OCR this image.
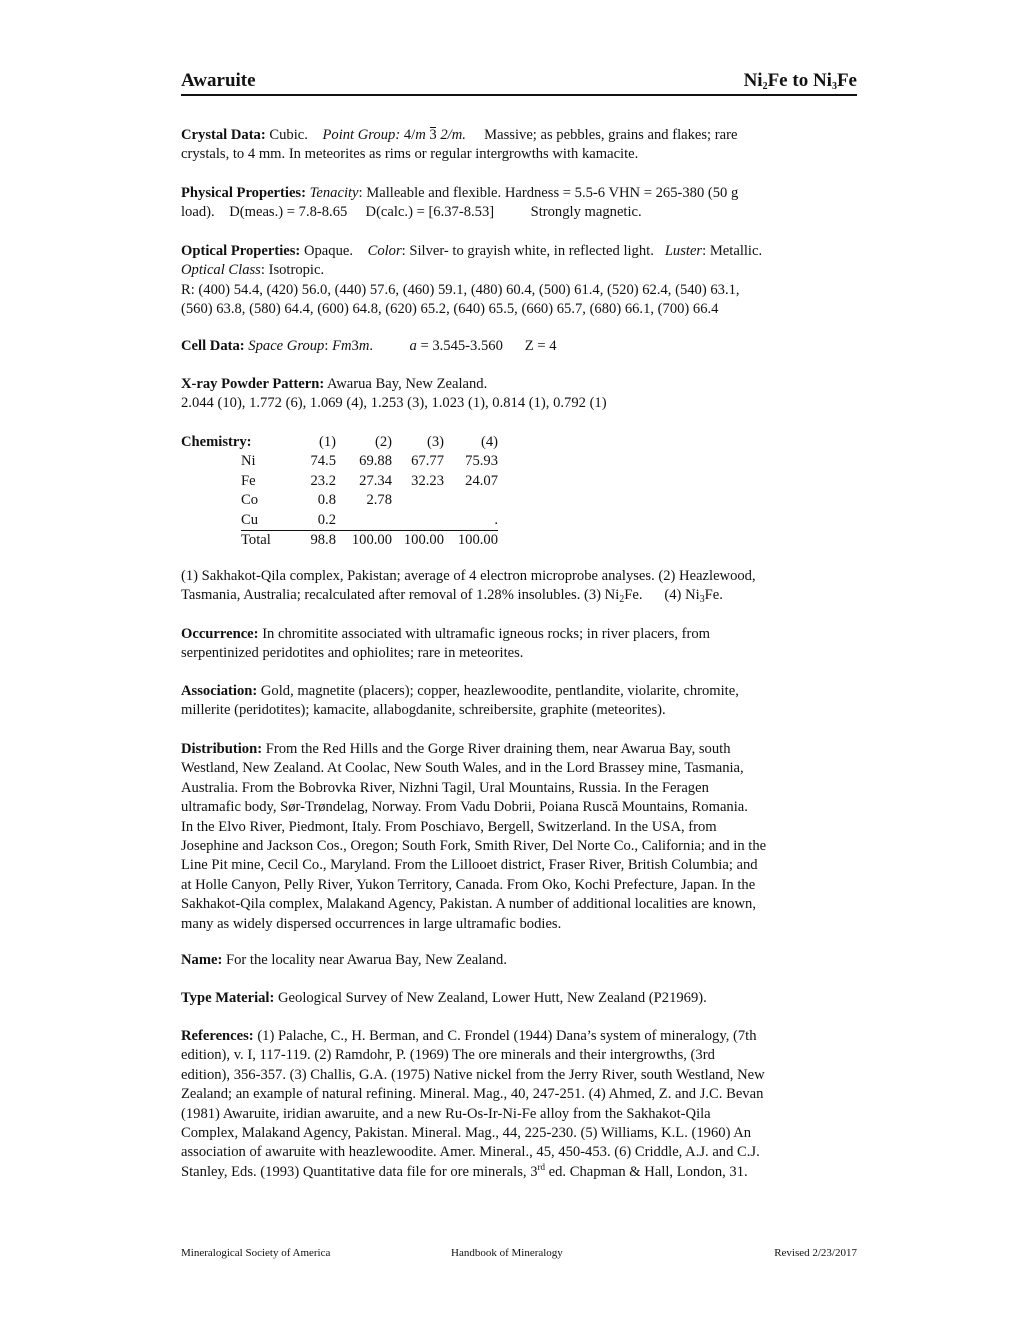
Awaruite	$Ni_2Fe$ to $Ni_3Fe$

Crystal Data: Cubic. Point Group: 4/m 3 2/m. Massive; as pebbles, grains and flakes; rare

crystals, to 4 mm. In meteorites as rims or regular intergrowths with kamacite.

Physical Properties: Tenacity: Malleable and flexible. Hardness = 5.5-6 VHN = 265-380 (50 g

load).    D(meas.) = 7.8-8.65     D(calc.) = [6.37-8.53]          Strongly magnetic.

Optical Properties: Opaque. Color: Silver- to grayish white, in reflected light. Luster: Metallic.

Optical Class: Isotropic.

R: (400) 54.4, (420) 56.0, (440) 57.6, (460) 59.1, (480) 60.4, (500) 61.4, (520) 62.4, (540) 63.1,

(560) 63.8, (580) 64.4, (600) 64.8, (620) 65.2, (640) 65.5, (660) 65.7, (680) 66.1, (700) 66.4

Cell Data: Space Group: Fm3m. a = 3.545-3.560 Z = 4

X-ray Powder Pattern: Awarua Bay, New Zealand.

2.044 (10), 1.772 (6), 1.069 (4), 1.253 (3), 1.023 (1), 0.814 (1), 0.792 (1)

Chemistry:		(1)	(2)	(3)	(4)
	Ni	74.5	69.88	67.77	75.93
	Fe	23.2	27.34	32.23	24.07
	Co	0.8	2.78		
	Cu	0.2			.
	Total	98.8	100.00	100.00	100.00

(1) Sakhakot-Qila complex, Pakistan; average of 4 electron microprobe analyses. (2) Heazlewood,

Tasmania, Australia; recalculated after removal of 1.28% insolubles. (3) $Ni_2Fe$.      (4) $Ni_3Fe$.

Occurrence: In chromitite associated with ultramafic igneous rocks; in river placers, from

serpentinized peridotites and ophiolites; rare in meteorites.

Association: Gold, magnetite (placers); copper, heazlewoodite, pentlandite, violarite, chromite,

millerite (peridotites); kamacite, allabogdanite, schreibersite, graphite (meteorites).

Distribution: From the Red Hills and the Gorge River draining them, near Awarua Bay, south

Westland, New Zealand. At Coolac, New South Wales, and in the Lord Brassey mine, Tasmania,

Australia. From the Bobrovka River, Nizhni Tagil, Ural Mountains, Russia. In the Feragen

ultramafic body, Sør-Trøndelag, Norway. From Vadu Dobrii, Poiana Ruscă Mountains, Romania.

In the Elvo River, Piedmont, Italy. From Poschiavo, Bergell, Switzerland. In the USA, from

Josephine and Jackson Cos., Oregon; South Fork, Smith River, Del Norte Co., California; and in the

Line Pit mine, Cecil Co., Maryland. From the Lillooet district, Fraser River, British Columbia; and

at Holle Canyon, Pelly River, Yukon Territory, Canada. From Oko, Kochi Prefecture, Japan. In the

Sakhakot-Qila complex, Malakand Agency, Pakistan. A number of additional localities are known,

many as widely dispersed occurrences in large ultramafic bodies.

Name: For the locality near Awarua Bay, New Zealand.

Type Material: Geological Survey of New Zealand, Lower Hutt, New Zealand (P21969).

References: (1) Palache, C., H. Berman, and C. Frondel (1944) Dana’s system of mineralogy, (7th

edition), v. I, 117-119. (2) Ramdohr, P. (1969) The ore minerals and their intergrowths, (3rd

edition), 356-357. (3) Challis, G.A. (1975) Native nickel from the Jerry River, south Westland, New

Zealand; an example of natural refining. Mineral. Mag., 40, 247-251. (4) Ahmed, Z. and J.C. Bevan

(1981) Awaruite, iridian awaruite, and a new Ru-Os-Ir-Ni-Fe alloy from the Sakhakot-Qila

Complex, Malakand Agency, Pakistan. Mineral. Mag., 44, 225-230. (5) Williams, K.L. (1960) An

association of awaruite with heazlewoodite. Amer. Mineral., 45, 450-453. (6) Criddle, A.J. and C.J.

Stanley, Eds. (1993) Quantitative data file for ore minerals, 3rd ed. Chapman & Hall, London, 31.

Mineralogical Society of America	Handbook of Mineralogy	Revised 2/23/2017
